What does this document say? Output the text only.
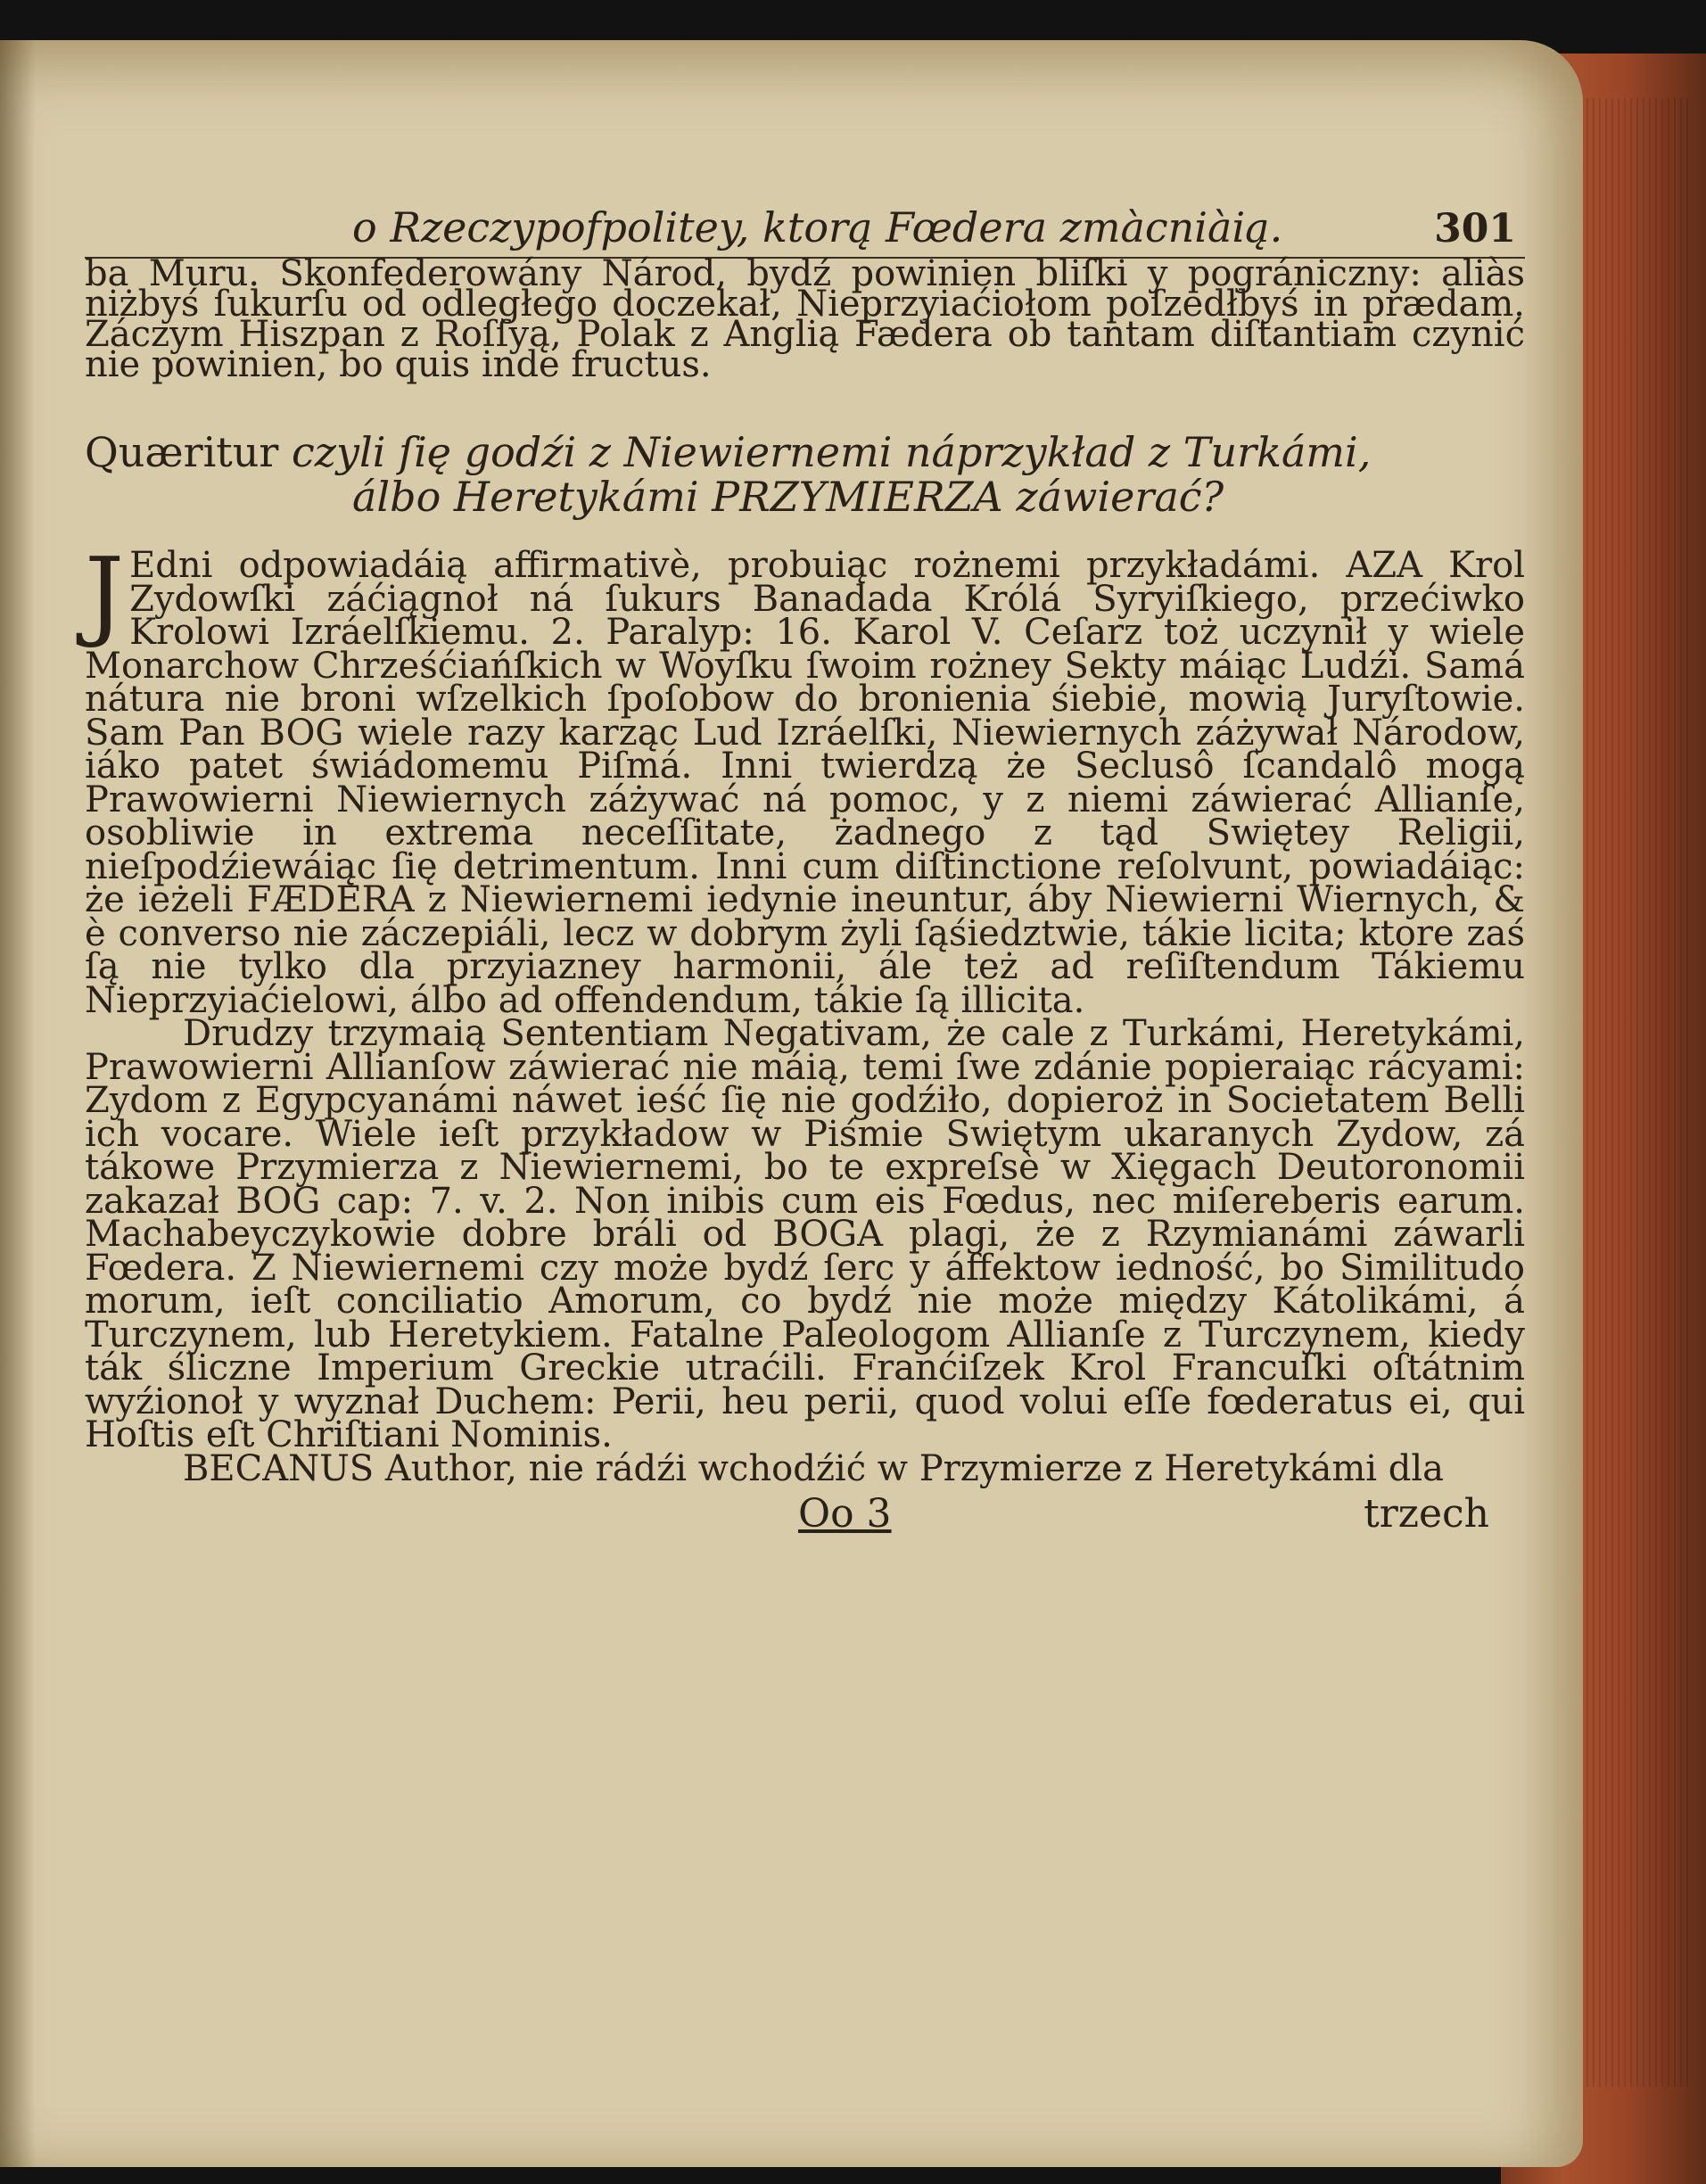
o Rzeczypofpolitey, ktorą Fœdera zmàcniàią.	301

ba Muru. Skonfederowány Národ, bydź powinien bliſki y pográniczny: aliàs niżbyś ſukurſu od odległego doczekał, Nieprzyiaćiołom poſzedłbyś in prædam. Záczym Hiszpan z Roſſyą, Polak z Anglią Fædera ob tantam diſtantiam czynić nie powinien, bo quis inde fructus.

Quæritur czyli ſię godźi z Niewiernemi náprzykład z Turkámi,
álbo Heretykámi PRZYMIERZA záwierać?

J Edni odpowiadáią affirmativè, probuiąc rożnemi przykładámi. AZA Krol Zydowſki záćiągnoł ná ſukurs Banadada Królá Syryiſkiego, przećiwko Krolowi Izráelſkiemu. 2. Paralyp: 16. Karol V. Ceſarz toż uczynił y wiele Monarchow Chrześćiańſkich w Woyſku ſwoim rożney Sekty máiąc Ludźi. Samá nátura nie broni wſzelkich ſpoſobow do bronienia śiebie, mowią Juryſtowie. Sam Pan BOG wiele razy karząc Lud Izráelſki, Niewiernych záżywał Národow, iáko patet świádomemu Piſmá. Inni twierdzą że Seclusô ſcandalô mogą Prawowierni Niewiernych záżywać ná pomoc, y z niemi záwierać Allianſe, osobliwie in extrema neceſſitate, żadnego z tąd Swiętey Religii, nieſpodźiewáiąc ſię detrimentum. Inni cum diſtinctione reſolvunt, powiadáiąc: że ieżeli FÆDERA z Niewiernemi iedynie ineuntur, áby Niewierni Wiernych, & è converso nie záczepiáli, lecz w dobrym żyli ſąśiedztwie, tákie licita; ktore zaś ſą nie tylko dla przyiazney harmonii, ále też ad reſiſtendum Tákiemu Nieprzyiaćielowi, álbo ad offendendum, tákie ſą illicita.

Drudzy trzymaią Sententiam Negativam, że cale z Turkámi, Heretykámi, Prawowierni Allianſow záwierać nie máią, temi ſwe zdánie popieraiąc rácyami: Zydom z Egypcyanámi náwet ieść ſię nie godźiło, dopieroż in Societatem Belli ich vocare. Wiele ieſt przykładow w Piśmie Swiętym ukaranych Zydow, zá tákowe Przymierza z Niewiernemi, bo te expreſsè w Xięgach Deutoronomii zakazał BOG cap: 7. v. 2. Non inibis cum eis Fœdus, nec miſereberis earum. Machabeyczykowie dobre bráli od BOGA plagi, że z Rzymianámi záwarli Fœdera. Z Niewiernemi czy może bydź ſerc y áffektow iedność, bo Similitudo morum, ieſt conciliatio Amorum, co bydź nie może między Kátolikámi, á Turczynem, lub Heretykiem. Fatalne Paleologom Allianſe z Turczynem, kiedy ták śliczne Imperium Greckie utraćili. Franćiſzek Krol Francuſki oſtátnim wyźionoł y wyznał Duchem: Perii, heu perii, quod volui eſſe fœderatus ei, qui Hoſtis eſt Chriſtiani Nominis.

BECANUS Author, nie rádźi wchodźić w Przymierze z Heretykámi dla

Oo 3	trzech
